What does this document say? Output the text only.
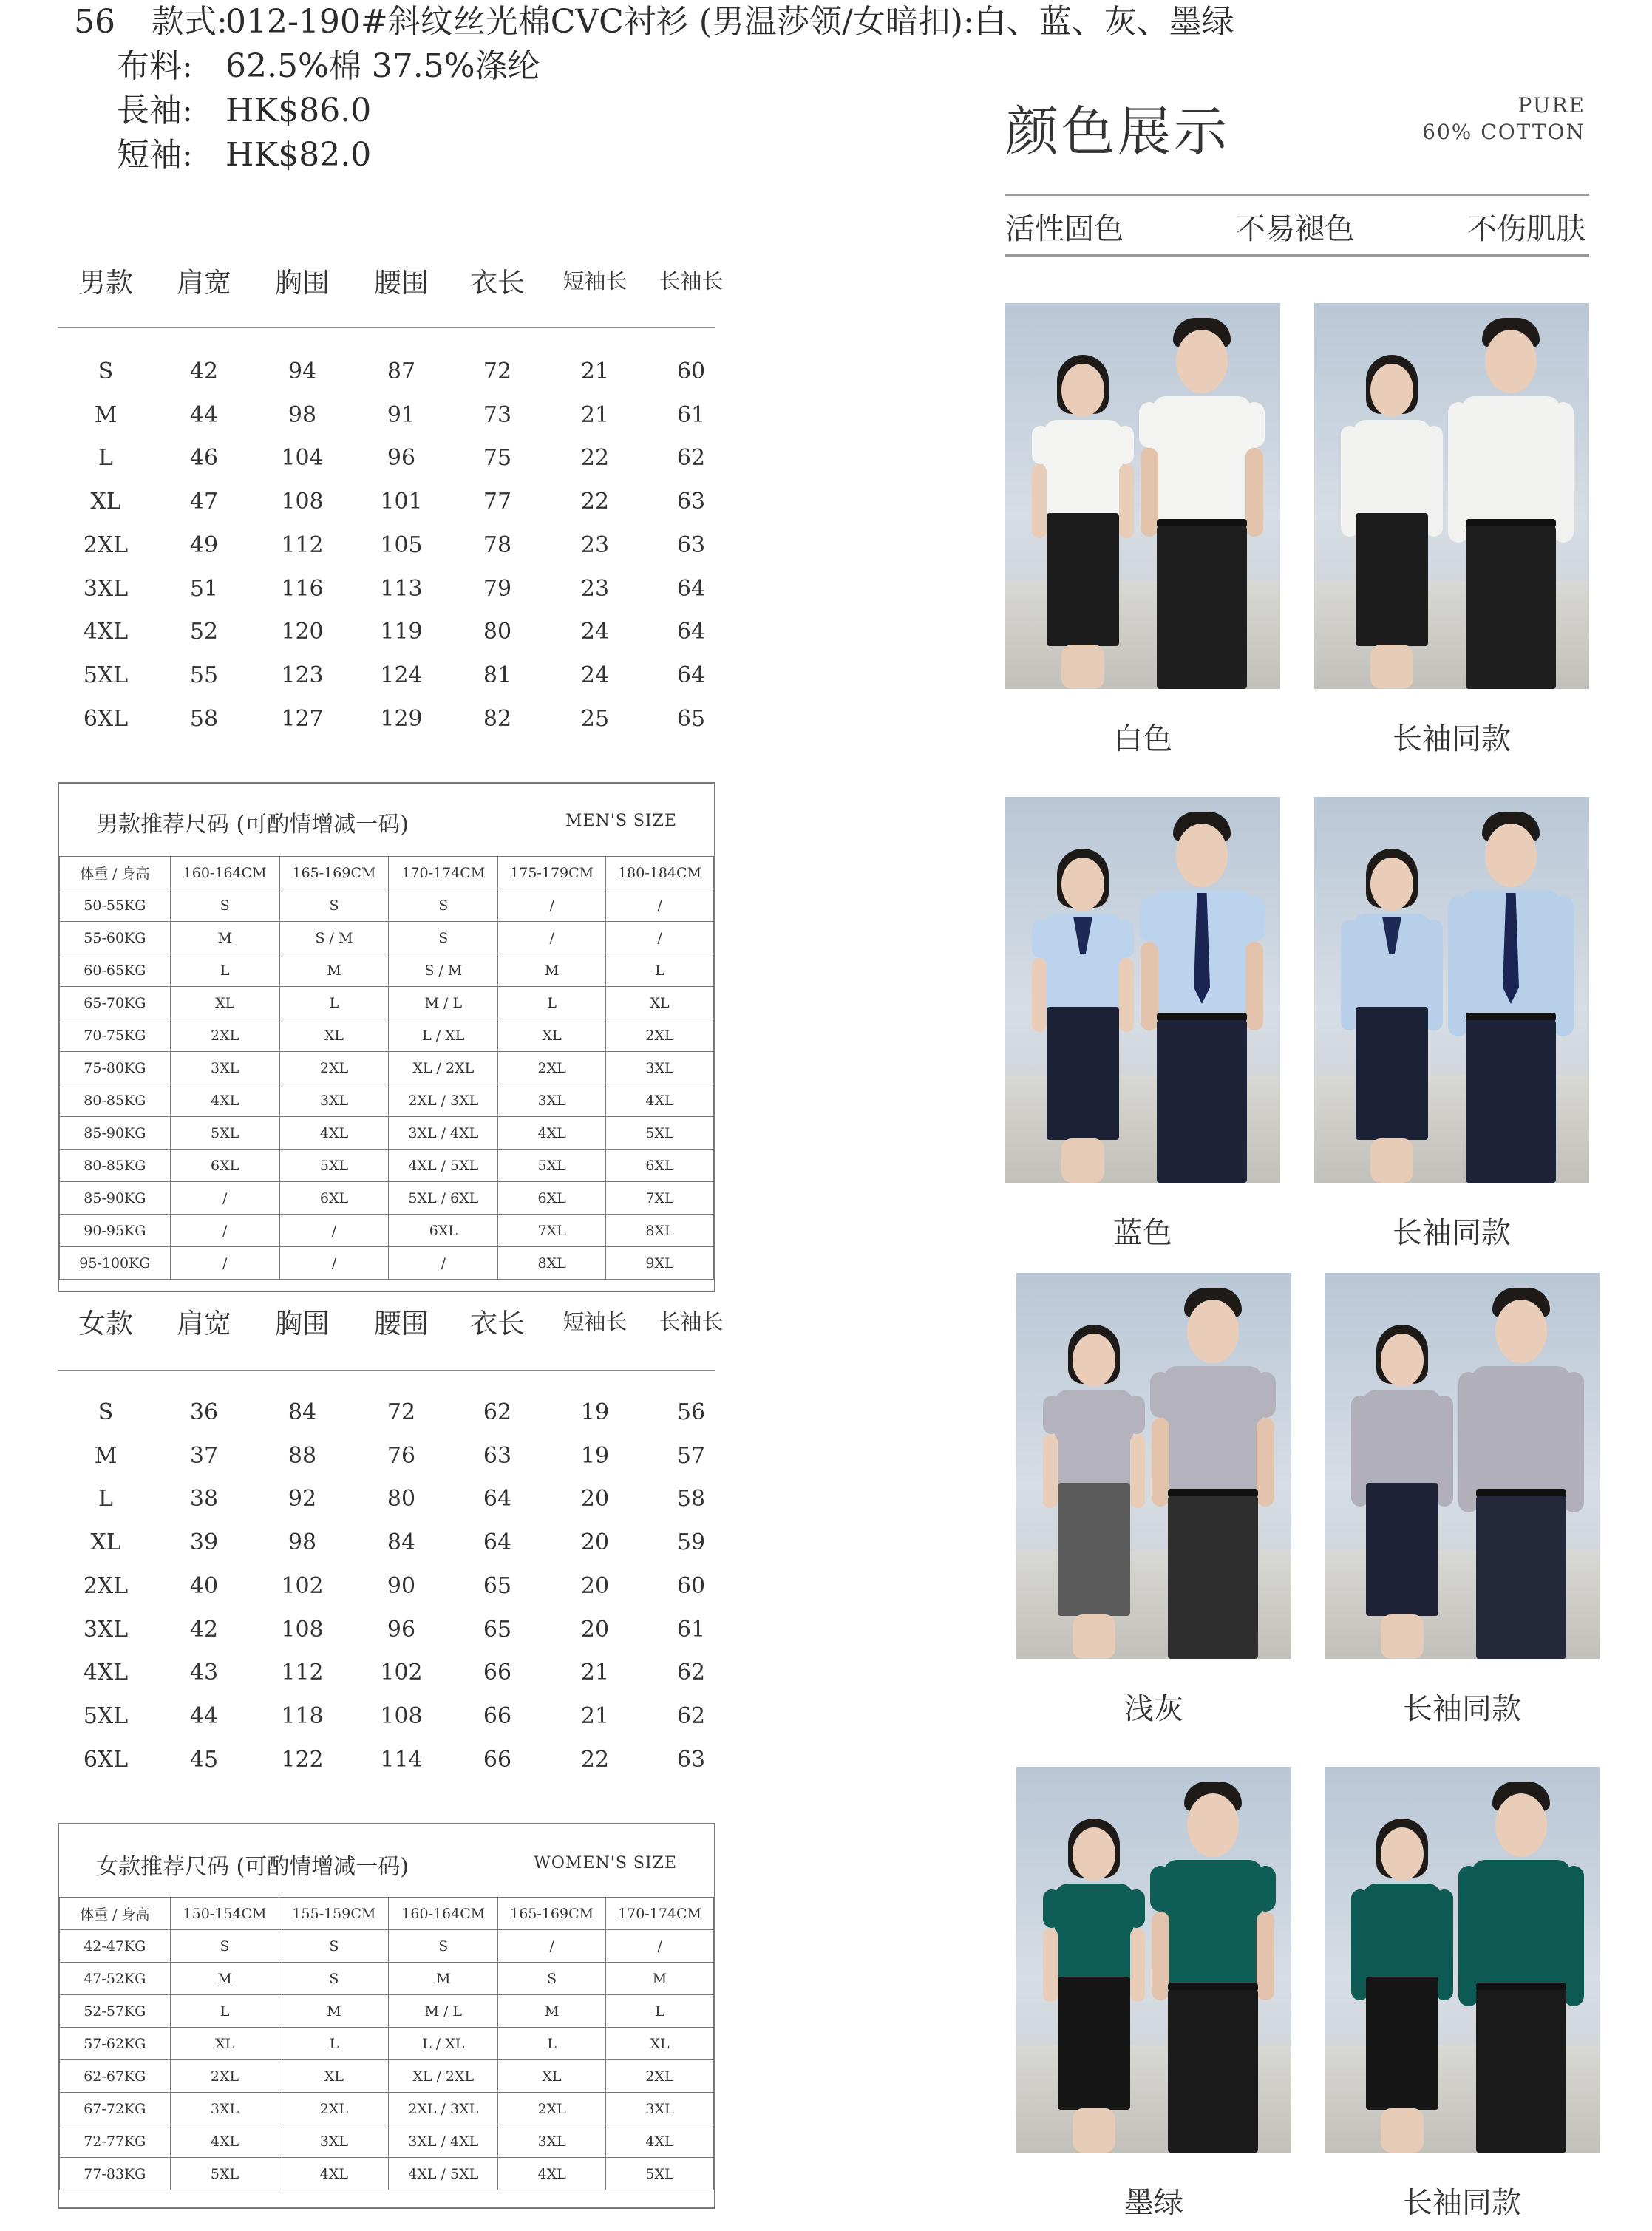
56 款式:
012-190#斜纹丝光棉CVC衬衫 (男温莎领/女暗扣):白、蓝、灰、墨绿
布料: 62.5%棉 37.5%涤纶
長袖: HK$86.0
短袖: HK$82.0
男款	肩宽	胸围	腰围	衣长	短袖长	长袖长
S	42	94	87	72	21	60
M	44	98	91	73	21	61
L	46	104	96	75	22	62
XL	47	108	101	77	22	63
2XL	49	112	105	78	23	63
3XL	51	116	113	79	23	64
4XL	52	120	119	80	24	64
5XL	55	123	124	81	24	64
6XL	58	127	129	82	25	65
男款推荐尺码 (可酌情增减一码)	MEN'S SIZE
体重 / 身高	160-164CM	165-169CM	170-174CM	175-179CM	180-184CM
50-55KG	S	S	S	/	/
55-60KG	M	S / M	S	/	/
60-65KG	L	M	S / M	M	L
65-70KG	XL	L	M / L	L	XL
70-75KG	2XL	XL	L / XL	XL	2XL
75-80KG	3XL	2XL	XL / 2XL	2XL	3XL
80-85KG	4XL	3XL	2XL / 3XL	3XL	4XL
85-90KG	5XL	4XL	3XL / 4XL	4XL	5XL
80-85KG	6XL	5XL	4XL / 5XL	5XL	6XL
85-90KG	/	6XL	5XL / 6XL	6XL	7XL
90-95KG	/	/	6XL	7XL	8XL
95-100KG	/	/	/	8XL	9XL
女款	肩宽	胸围	腰围	衣长	短袖长	长袖长
S	36	84	72	62	19	56
M	37	88	76	63	19	57
L	38	92	80	64	20	58
XL	39	98	84	64	20	59
2XL	40	102	90	65	20	60
3XL	42	108	96	65	20	61
4XL	43	112	102	66	21	62
5XL	44	118	108	66	21	62
6XL	45	122	114	66	22	63
女款推荐尺码 (可酌情增减一码)	WOMEN'S SIZE
体重 / 身高	150-154CM	155-159CM	160-164CM	165-169CM	170-174CM
42-47KG	S	S	S	/	/
47-52KG	M	S	M	S	M
52-57KG	L	M	M / L	M	L
57-62KG	XL	L	L / XL	L	XL
62-67KG	2XL	XL	XL / 2XL	XL	2XL
67-72KG	3XL	2XL	2XL / 3XL	2XL	3XL
72-77KG	4XL	3XL	3XL / 4XL	3XL	4XL
77-83KG	5XL	4XL	4XL / 5XL	4XL	5XL
颜色展示	PURE
60% COTTON
活性固色	不易褪色	不伤肌肤
白色	长袖同款
蓝色	长袖同款
浅灰	长袖同款
墨绿	长袖同款
